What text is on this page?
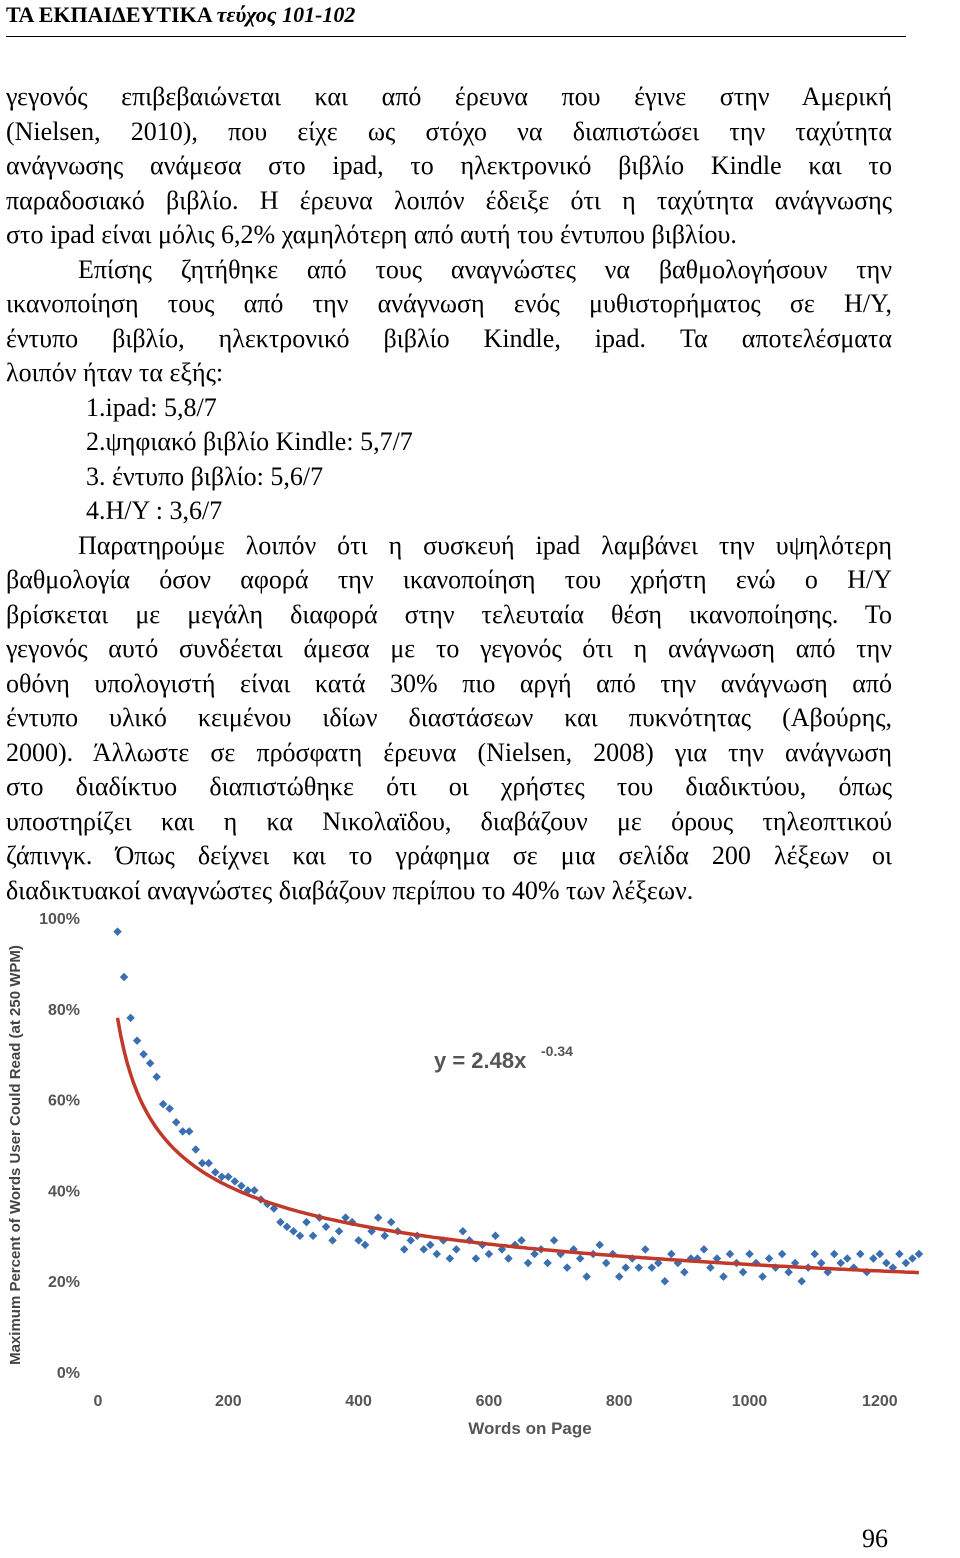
ΤΑ ΕΚΠΑΙΔΕΥΤΙΚΑ τεύχος 101-102
γεγονός επιβεβαιώνεται και από έρευνα που έγινε στην Αμερική
(Nielsen, 2010), που είχε ως στόχο να διαπιστώσει την ταχύτητα
ανάγνωσης ανάμεσα στο ipad, το ηλεκτρονικό βιβλίο Kindle και το
παραδοσιακό βιβλίο. Η έρευνα λοιπόν έδειξε ότι η ταχύτητα ανάγνωσης
στο ipad είναι μόλις 6,2% χαμηλότερη από αυτή του έντυπου βιβλίου.
Επίσης ζητήθηκε από τους αναγνώστες να βαθμολογήσουν την
ικανοποίηση τους από την ανάγνωση ενός μυθιστορήματος σε Η/Υ,
έντυπο βιβλίο, ηλεκτρονικό βιβλίο Kindle, ipad. Τα αποτελέσματα
λοιπόν ήταν τα εξής:
1.ipad: 5,8/7
2.ψηφιακό βιβλίο Kindle: 5,7/7
3. έντυπο βιβλίο: 5,6/7
4.Η/Υ : 3,6/7
Παρατηρούμε λοιπόν ότι η συσκευή ipad λαμβάνει την υψηλότερη
βαθμολογία όσον αφορά την ικανοποίηση του χρήστη ενώ ο Η/Υ
βρίσκεται με μεγάλη διαφορά στην τελευταία θέση ικανοποίησης. Το
γεγονός αυτό συνδέεται άμεσα με το γεγονός ότι η ανάγνωση από την
οθόνη υπολογιστή είναι κατά 30% πιο αργή από την ανάγνωση από
έντυπο υλικό κειμένου ιδίων διαστάσεων και πυκνότητας (Αβούρης,
2000). Άλλωστε σε πρόσφατη έρευνα (Nielsen, 2008) για την ανάγνωση
στο διαδίκτυο διαπιστώθηκε ότι οι χρήστες του διαδικτύου, όπως
υποστηρίζει και η κα Νικολαϊδου, διαβάζουν με όρους τηλεοπτικού
ζάπινγκ. Όπως δείχνει και το γράφημα σε μια σελίδα 200 λέξεων οι
διαδικτυακοί αναγνώστες διαβάζουν περίπου το 40% των λέξεων.
0%
20%
40%
60%
80%
100%
0	200	400	600	800	1000	1200
Words on Page
Maximum Percent of Words User Could Read (at 250 WPM)	y = 2.48x -0.34
96
